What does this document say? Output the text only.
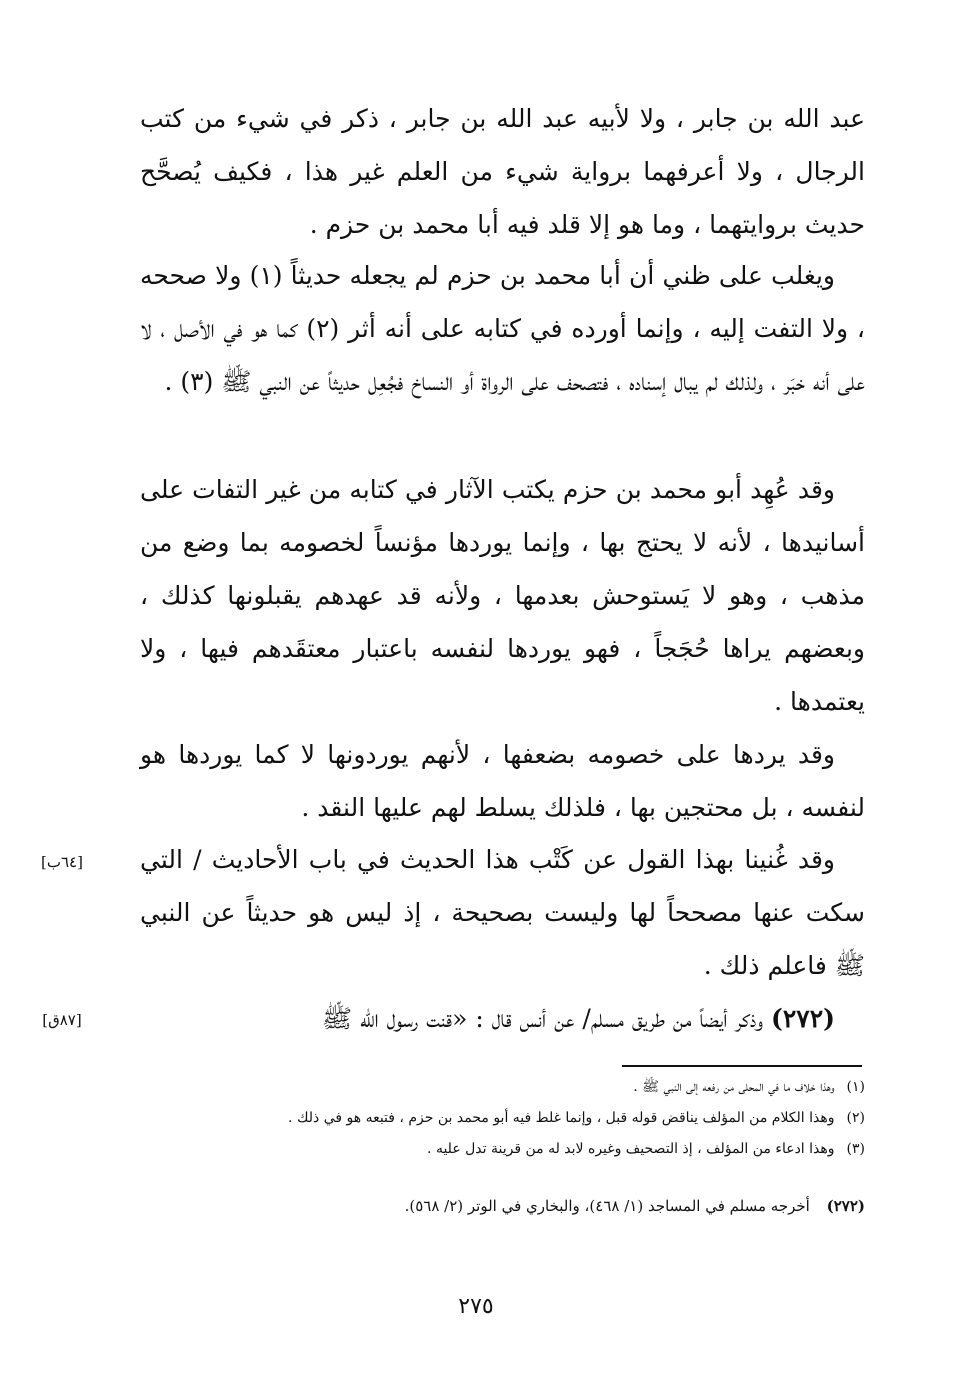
عبد الله بن جابر ، ولا لأبيه عبد الله بن جابر ، ذكر في شيء من كتب الرجال ، ولا أعرفهما برواية شيء من العلم غير هذا ، فكيف يُصحَّح حديث بروايتهما ، وما هو إلا قلد فيه أبا محمد بن حزم .

ويغلب على ظني أن أبا محمد بن حزم لم يجعله حديثاً (١) ولا صححه ، ولا التفت إليه ، وإنما أورده في كتابه على أنه أثر (٢) كما هو في الأصل ، لا على أنه خبَر ، ولذلك لم يبال إسناده ، فتصحف على الرواة أو النساخ فجُعِل حديثاً عن النبي ﷺ (٣) .

وقد عُهِد أبو محمد بن حزم يكتب الآثار في كتابه من غير التفات على أسانيدها ، لأنه لا يحتج بها ، وإنما يوردها مؤنساً لخصومه بما وضع من مذهب ، وهو لا يَستوحش بعدمها ، ولأنه قد عهدهم يقبلونها كذلك ، وبعضهم يراها حُجَجاً ، فهو يوردها لنفسه باعتبار معتقَدهم فيها ، ولا يعتمدها .

وقد يردها على خصومه بضعفها ، لأنهم يوردونها لا كما يوردها هو لنفسه ، بل محتجين بها ، فلذلك يسلط لهم عليها النقد .

وقد غُنينا بهذا القول عن كَتْب هذا الحديث في باب الأحاديث / التي سكت عنها مصححاً لها وليست بصحيحة ، إذ ليس هو حديثاً عن النبي ﷺ فاعلم ذلك .

(٢٧٢) وذكر أيضاً من طريق مسلم/ عن أنس قال : «قنت رسول الله ﷺ

[٦٤ب]
[٨٧ق]

(١)وهذا خلاف ما في المحلى من رفعه إلى النبي ﷺ .

(٢)وهذا الكلام من المؤلف يناقض قوله قبل ، وإنما غلط فيه أبو محمد بن حزم ، فتبعه هو في ذلك .

(٣)وهذا ادعاء من المؤلف ، إذ التصحيف وغيره لابد له من قرينة تدل عليه .

(٢٧٢) أخرجه مسلم في المساجد (١/ ٤٦٨)، والبخاري في الوتر (٢/ ٥٦٨).
٢٧٥
